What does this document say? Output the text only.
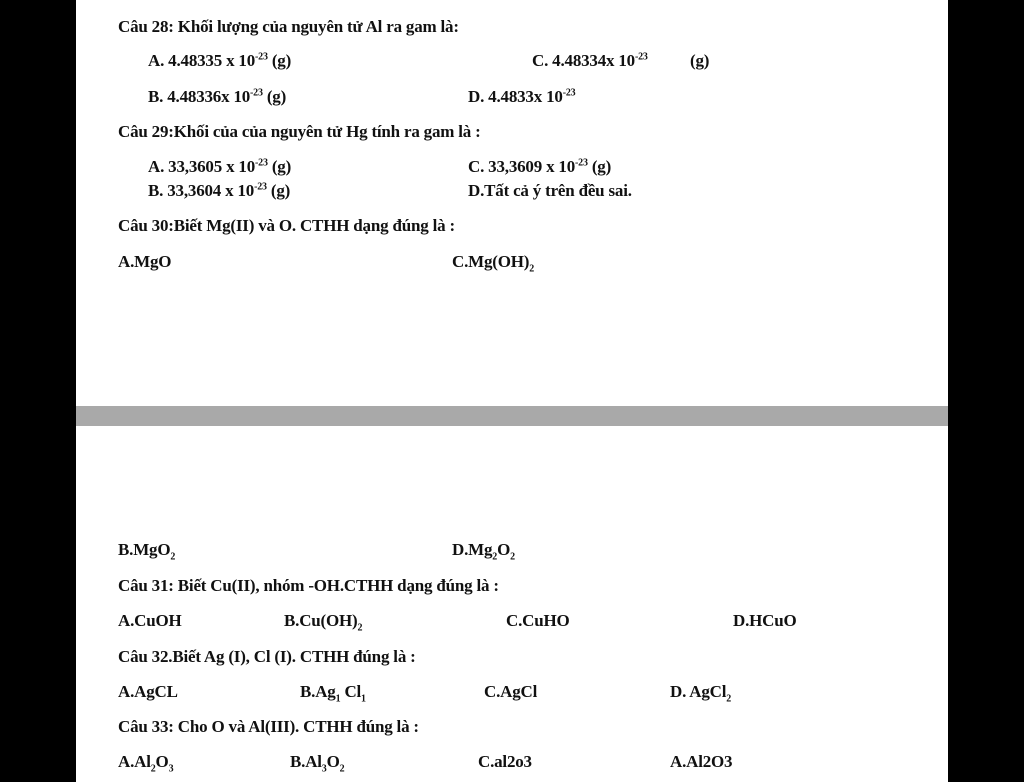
Câu 28: Khối lượng của nguyên tử Al ra gam là:
A. 4.48335 x $10^{-23}$ (g)	C. 4.48334x $10^{-23}$ (g)
B. 4.48336x $10^{-23}$ (g)	D. 4.4833x $10^{-23}$
Câu 29:Khối của của nguyên tử Hg tính ra gam là :
A. 33,3605 x $10^{-23}$ (g)	C. 33,3609 x $10^{-23}$ (g)
B. 33,3604 x $10^{-23}$ (g)	D.Tất cả ý trên đều sai.
Câu 30:Biết Mg(II) và O. CTHH dạng đúng là :
A.MgO	$C.Mg(OH)_2$
B.MgO$_2$	$D.Mg_2O_2$
Câu 31: Biết Cu(II), nhóm -OH.CTHH dạng đúng là :
A.CuOH	$B.Cu(OH)_2$	C.CuHO	D.HCuO
Câu 32.Biết Ag (I), Cl (I). CTHH đúng là :
A.AgCL	$B.Ag_1$ $Cl_1$	C.AgCl	D. AgCl$_2$
Câu 33: Cho O và Al(III). CTHH đúng là :
$A.Al_2O_3$	$B.Al_3O_2$	C.al2o3	A.Al2O3
